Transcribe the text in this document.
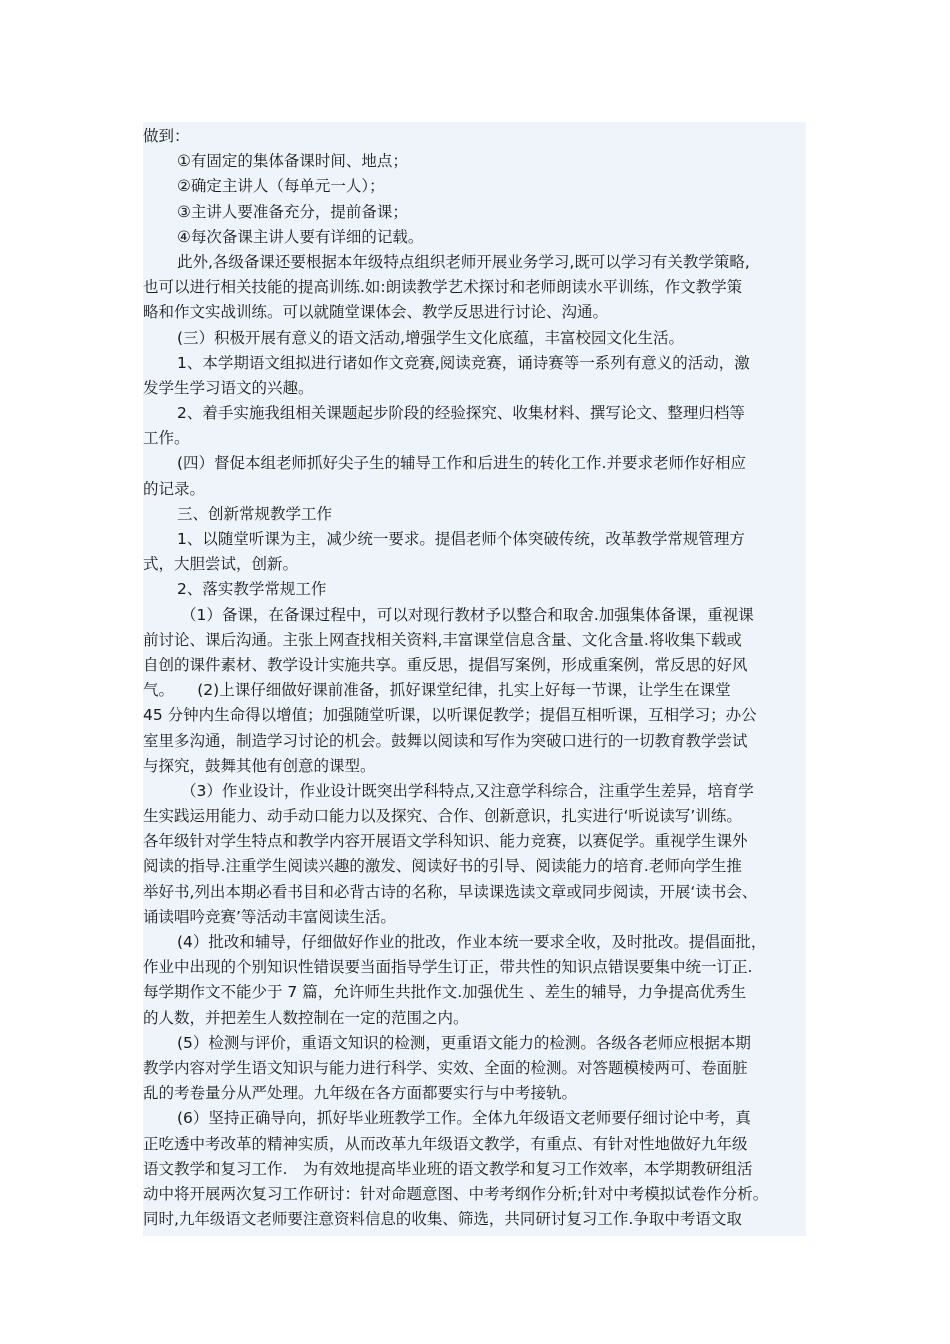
做到：
①有固定的集体备课时间、地点；
②确定主讲人（每单元一人）；
③主讲人要准备充分，提前备课；
④每次备课主讲人要有详细的记载。
此外,各级备课还要根据本年级特点组织老师开展业务学习,既可以学习有关教学策略,
也可以进行相关技能的提高训练.如:朗读教学艺术探讨和老师朗读水平训练，作文教学策
略和作文实战训练。可以就随堂课体会、教学反思进行讨论、沟通。
(三）积极开展有意义的语文活动,增强学生文化底蕴，丰富校园文化生活。
1、本学期语文组拟进行诸如作文竞赛,阅读竞赛，诵诗赛等一系列有意义的活动，激
发学生学习语文的兴趣。
2、着手实施我组相关课题起步阶段的经验探究、收集材料、撰写论文、整理归档等
工作。
(四）督促本组老师抓好尖子生的辅导工作和后进生的转化工作.并要求老师作好相应
的记录。
三、创新常规教学工作
1、以随堂听课为主，减少统一要求。提倡老师个体突破传统，改革教学常规管理方
式，大胆尝试，创新。
2、落实教学常规工作
（1）备课，在备课过程中，可以对现行教材予以整合和取舍.加强集体备课，重视课
前讨论、课后沟通。主张上网查找相关资料,丰富课堂信息含量、文化含量.将收集下载或
自创的课件素材、教学设计实施共享。重反思，提倡写案例，形成重案例，常反思的好风
气。　　(2)上课仔细做好课前准备，抓好课堂纪律，扎实上好每一节课，让学生在课堂
45 分钟内生命得以增值；加强随堂听课，以听课促教学；提倡互相听课，互相学习；办公
室里多沟通，制造学习讨论的机会。鼓舞以阅读和写作为突破口进行的一切教育教学尝试
与探究，鼓舞其他有创意的课型。
（3）作业设计，作业设计既突出学科特点,又注意学科综合，注重学生差异，培育学
生实践运用能力、动手动口能力以及探究、合作、创新意识，扎实进行‘听说读写’训练。
各年级针对学生特点和教学内容开展语文学科知识、能力竞赛，以赛促学。重视学生课外
阅读的指导.注重学生阅读兴趣的激发、阅读好书的引导、阅读能力的培育.老师向学生推
举好书,列出本期必看书目和必背古诗的名称，早读课选读文章或同步阅读，开展‘读书会、
诵读唱吟竞赛’等活动丰富阅读生活。
(4）批改和辅导，仔细做好作业的批改，作业本统一要求全收，及时批改。提倡面批，
作业中出现的个别知识性错误要当面指导学生订正，带共性的知识点错误要集中统一订正.
每学期作文不能少于 7 篇，允许师生共批作文.加强优生 、差生的辅导，力争提高优秀生
的人数，并把差生人数控制在一定的范围之内。
(5）检测与评价，重语文知识的检测，更重语文能力的检测。各级各老师应根据本期
教学内容对学生语文知识与能力进行科学、实效、全面的检测。对答题模棱两可、卷面脏
乱的考卷量分从严处理。九年级在各方面都要实行与中考接轨。
(6）坚持正确导向，抓好毕业班教学工作。全体九年级语文老师要仔细讨论中考，真
正吃透中考改革的精神实质，从而改革九年级语文教学，有重点、有针对性地做好九年级
语文教学和复习工作.　为有效地提高毕业班的语文教学和复习工作效率，本学期教研组活
动中将开展两次复习工作研讨：针对命题意图、中考考纲作分析;针对中考模拟试卷作分析。
同时,九年级语文老师要注意资料信息的收集、筛选，共同研讨复习工作.争取中考语文取
